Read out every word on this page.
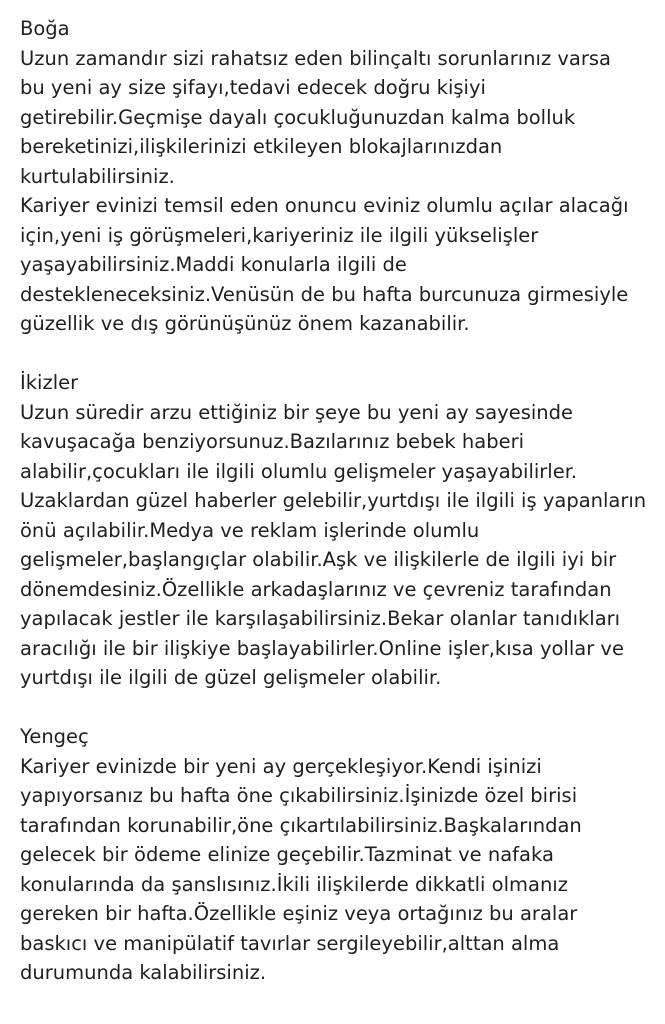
Boğa
Uzun zamandır sizi rahatsız eden bilinçaltı sorunlarınız varsa
bu yeni ay size şifayı,tedavi edecek doğru kişiyi
getirebilir.Geçmişe dayalı çocukluğunuzdan kalma bolluk
bereketinizi,ilişkilerinizi etkileyen blokajlarınızdan
kurtulabilirsiniz.
Kariyer evinizi temsil eden onuncu eviniz olumlu açılar alacağı
için,yeni iş görüşmeleri,kariyeriniz ile ilgili yükselişler
yaşayabilirsiniz.Maddi konularla ilgili de
destekleneceksiniz.Venüsün de bu hafta burcunuza girmesiyle
güzellik ve dış görünüşünüz önem kazanabilir.
İkizler
Uzun süredir arzu ettiğiniz bir şeye bu yeni ay sayesinde
kavuşacağa benziyorsunuz.Bazılarınız bebek haberi
alabilir,çocukları ile ilgili olumlu gelişmeler yaşayabilirler.
Uzaklardan güzel haberler gelebilir,yurtdışı ile ilgili iş yapanların
önü açılabilir.Medya ve reklam işlerinde olumlu
gelişmeler,başlangıçlar olabilir.Aşk ve ilişkilerle de ilgili iyi bir
dönemdesiniz.Özellikle arkadaşlarınız ve çevreniz tarafından
yapılacak jestler ile karşılaşabilirsiniz.Bekar olanlar tanıdıkları
aracılığı ile bir ilişkiye başlayabilirler.Online işler,kısa yollar ve
yurtdışı ile ilgili de güzel gelişmeler olabilir.
Yengeç
Kariyer evinizde bir yeni ay gerçekleşiyor.Kendi işinizi
yapıyorsanız bu hafta öne çıkabilirsiniz.İşinizde özel birisi
tarafından korunabilir,öne çıkartılabilirsiniz.Başkalarından
gelecek bir ödeme elinize geçebilir.Tazminat ve nafaka
konularında da şanslısınız.İkili ilişkilerde dikkatli olmanız
gereken bir hafta.Özellikle eşiniz veya ortağınız bu aralar
baskıcı ve manipülatif tavırlar sergileyebilir,alttan alma
durumunda kalabilirsiniz.
